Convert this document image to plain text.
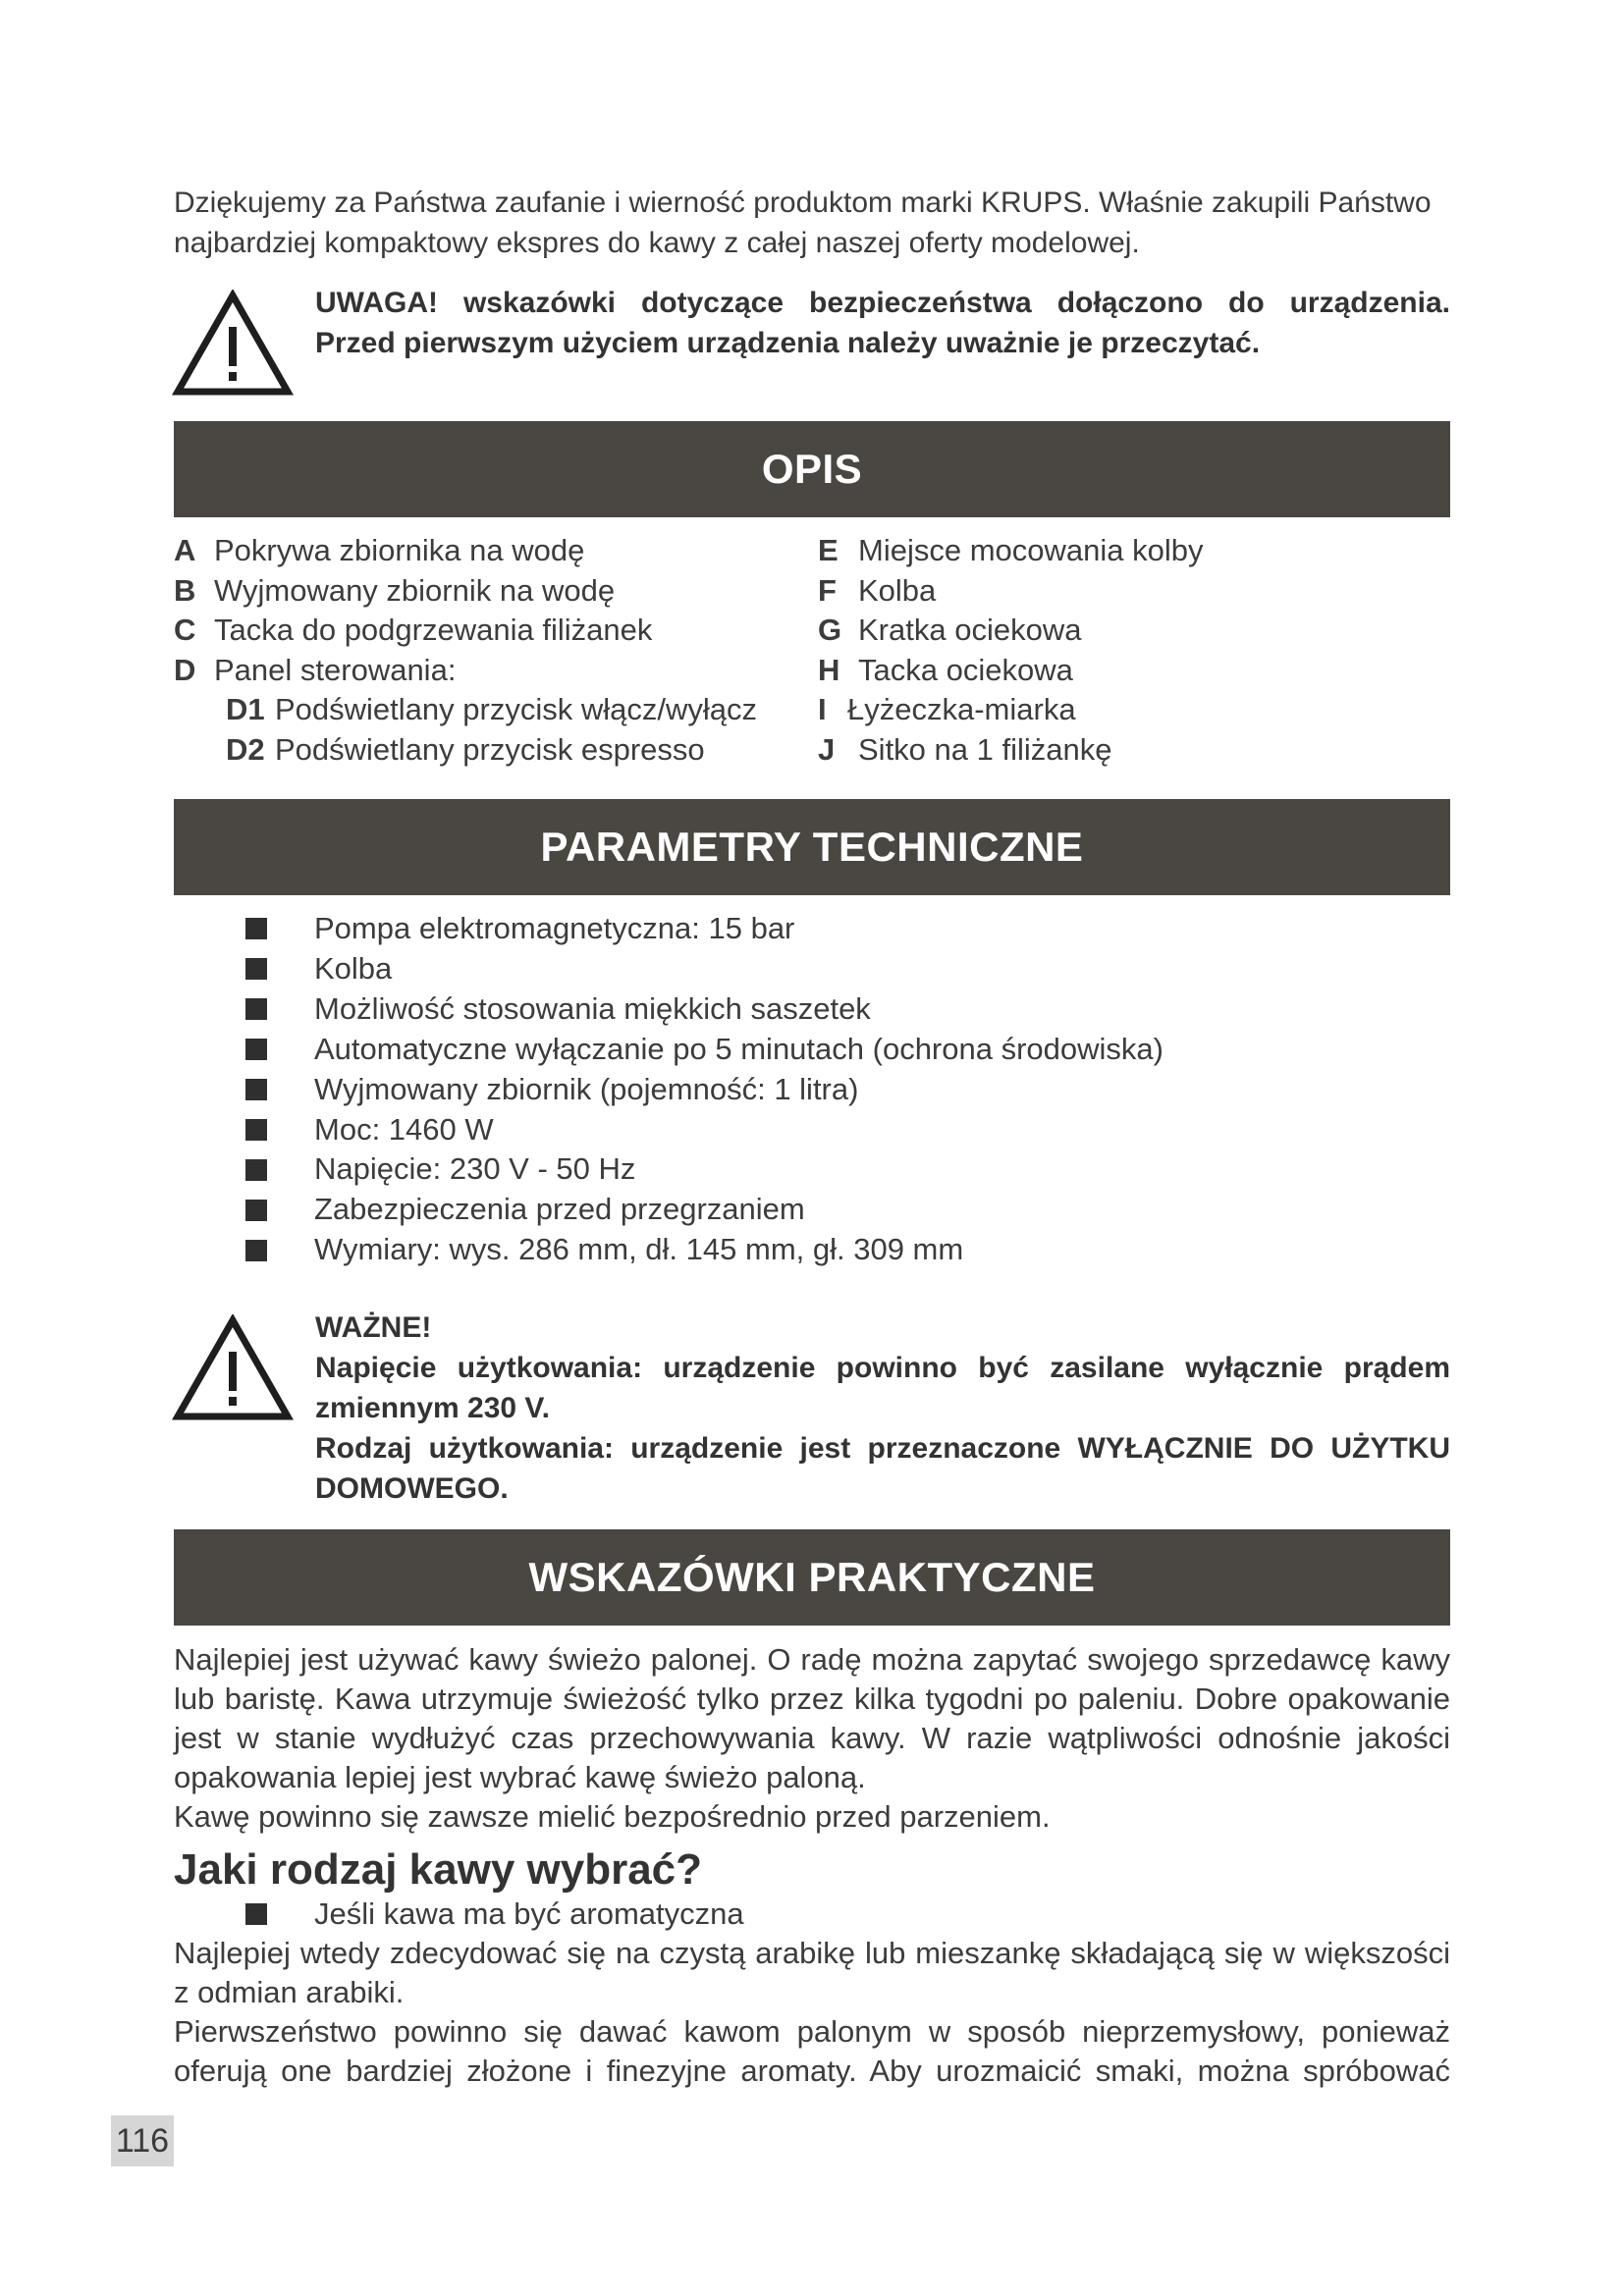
Dziękujemy za Państwa zaufanie i wierność produktom marki KRUPS. Właśnie zakupili Państwo
najbardziej kompaktowy ekspres do kawy z całej naszej oferty modelowej.
UWAGA! wskazówki dotyczące bezpieczeństwa dołączono do urządzenia.
Przed pierwszym użyciem urządzenia należy uważnie je przeczytać.
OPIS
A Pokrywa zbiornika na wodę
B Wyjmowany zbiornik na wodę
C Tacka do podgrzewania filiżanek
D Panel sterowania:
D1 Podświetlany przycisk włącz/wyłącz
D2 Podświetlany przycisk espresso
E Miejsce mocowania kolby
F Kolba
G Kratka ociekowa
H Tacka ociekowa
I Łyżeczka-miarka
J Sitko na 1 filiżankę
PARAMETRY TECHNICZNE
Pompa elektromagnetyczna: 15 bar
Kolba
Możliwość stosowania miękkich saszetek
Automatyczne wyłączanie po 5 minutach (ochrona środowiska)
Wyjmowany zbiornik (pojemność: 1 litra)
Moc: 1460 W
Napięcie: 230 V - 50 Hz
Zabezpieczenia przed przegrzaniem
Wymiary: wys. 286 mm, dł. 145 mm, gł. 309 mm
WAŻNE!
Napięcie użytkowania: urządzenie powinno być zasilane wyłącznie prądem
zmiennym 230 V.
Rodzaj użytkowania: urządzenie jest przeznaczone WYŁĄCZNIE DO UŻYTKU
DOMOWEGO.
WSKAZÓWKI PRAKTYCZNE

Najlepiej jest używać kawy świeżo palonej. O radę można zapytać swojego sprzedawcę kawy lub baristę. Kawa utrzymuje świeżość tylko przez kilka tygodni po paleniu. Dobre opakowanie jest w stanie wydłużyć czas przechowywania kawy. W razie wątpliwości odnośnie jakości opakowania lepiej jest wybrać kawę świeżo paloną.

Kawę powinno się zawsze mielić bezpośrednio przed parzeniem.

Jaki rodzaj kawy wybrać?
Jeśli kawa ma być aromatyczna

Najlepiej wtedy zdecydować się na czystą arabikę lub mieszankę składającą się w większości z odmian arabiki.

Pierwszeństwo powinno się dawać kawom palonym w sposób nieprzemysłowy, ponieważ oferują one bardziej złożone i finezyjne aromaty. Aby urozmaicić smaki, można spróbować

116
